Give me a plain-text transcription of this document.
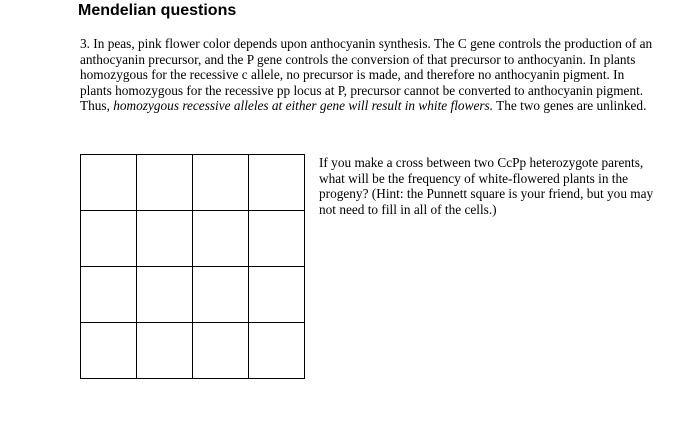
Mendelian questions

3. In peas, pink flower color depends upon anthocyanin synthesis. The C gene controls the production of an anthocyanin precursor, and the P gene controls the conversion of that precursor to anthocyanin. In plants homozygous for the recessive c allele, no precursor is made, and therefore no anthocyanin pigment. In plants homozygous for the recessive pp locus at P, precursor cannot be converted to anthocyanin pigment. Thus, homozygous recessive alleles at either gene will result in white flowers. The two genes are unlinked.

If you make a cross between two CcPp heterozygote parents, what will be the frequency of white-flowered plants in the progeny? (Hint: the Punnett square is your friend, but you may not need to fill in all of the cells.)
